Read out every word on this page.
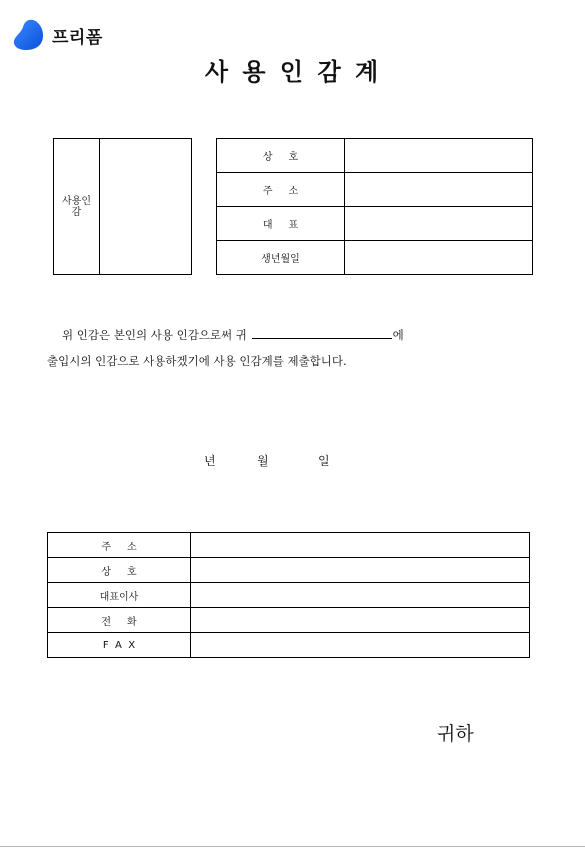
프리폼
사 용 인 감 계
사용인
감	
상     호	
주     소	
대     표	
생년월일	
위 인감은 본인의 사용 인감으로써 귀	에
출입시의 인감으로 사용하겠기에 사용 인감계를 제출합니다.
년	월	일
주     소	
상     호	
대표이사	
전     화	
F  A  X	
귀하
